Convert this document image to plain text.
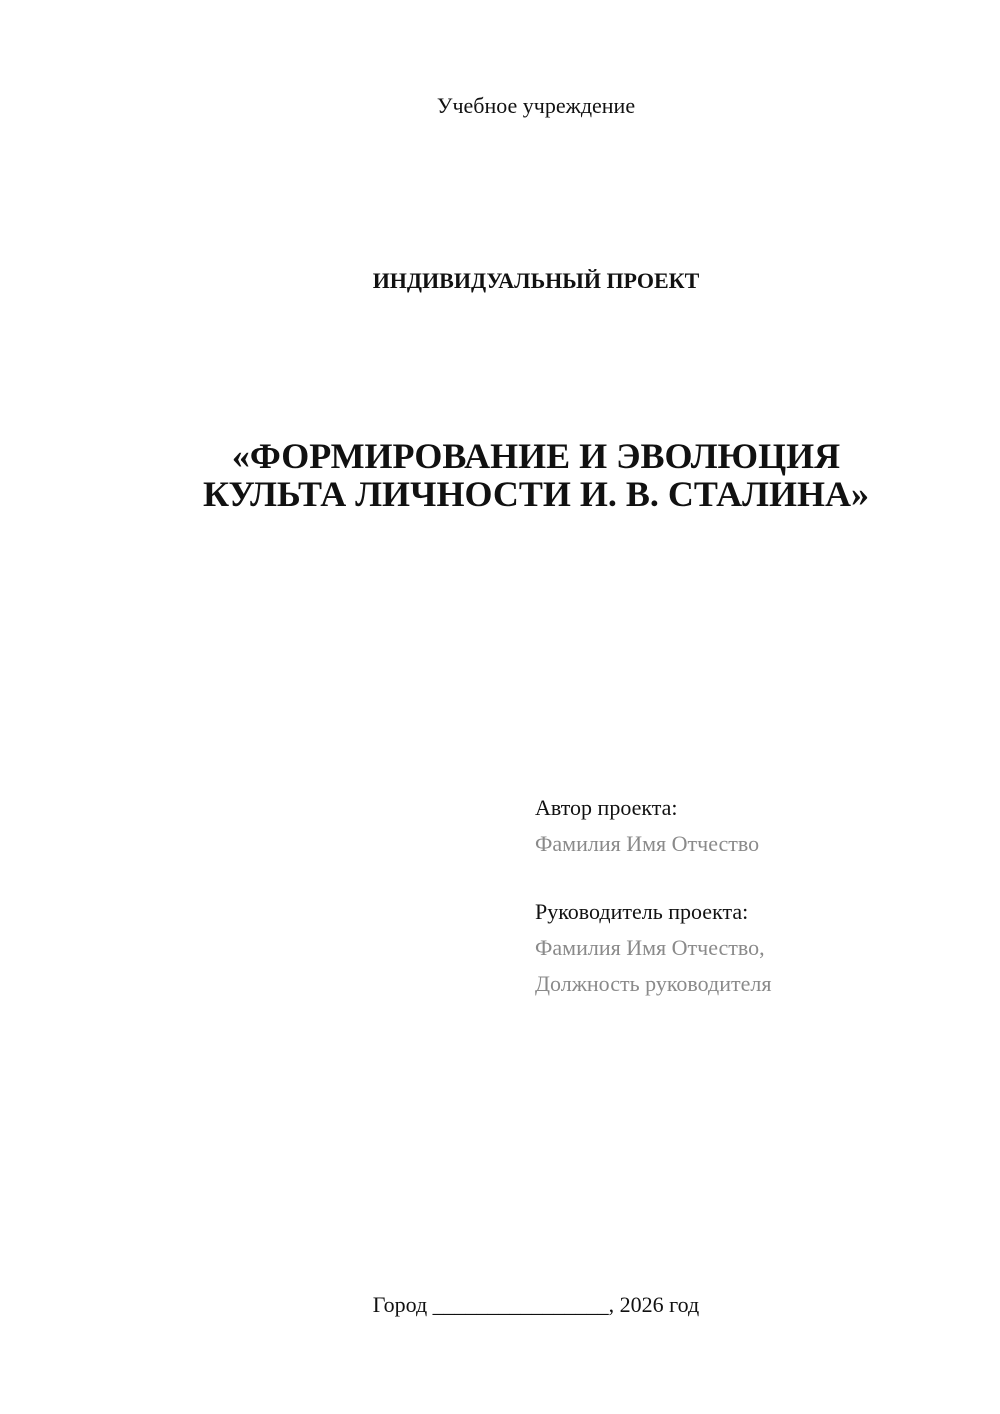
Учебное учреждение
ИНДИВИДУАЛЬНЫЙ ПРОЕКТ
«ФОРМИРОВАНИЕ И ЭВОЛЮЦИЯ
КУЛЬТА ЛИЧНОСТИ И. В. СТАЛИНА»
Автор проекта:
Фамилия Имя Отчество
Руководитель проекта:
Фамилия Имя Отчество,
Должность руководителя
Город ________________, 2026 год
